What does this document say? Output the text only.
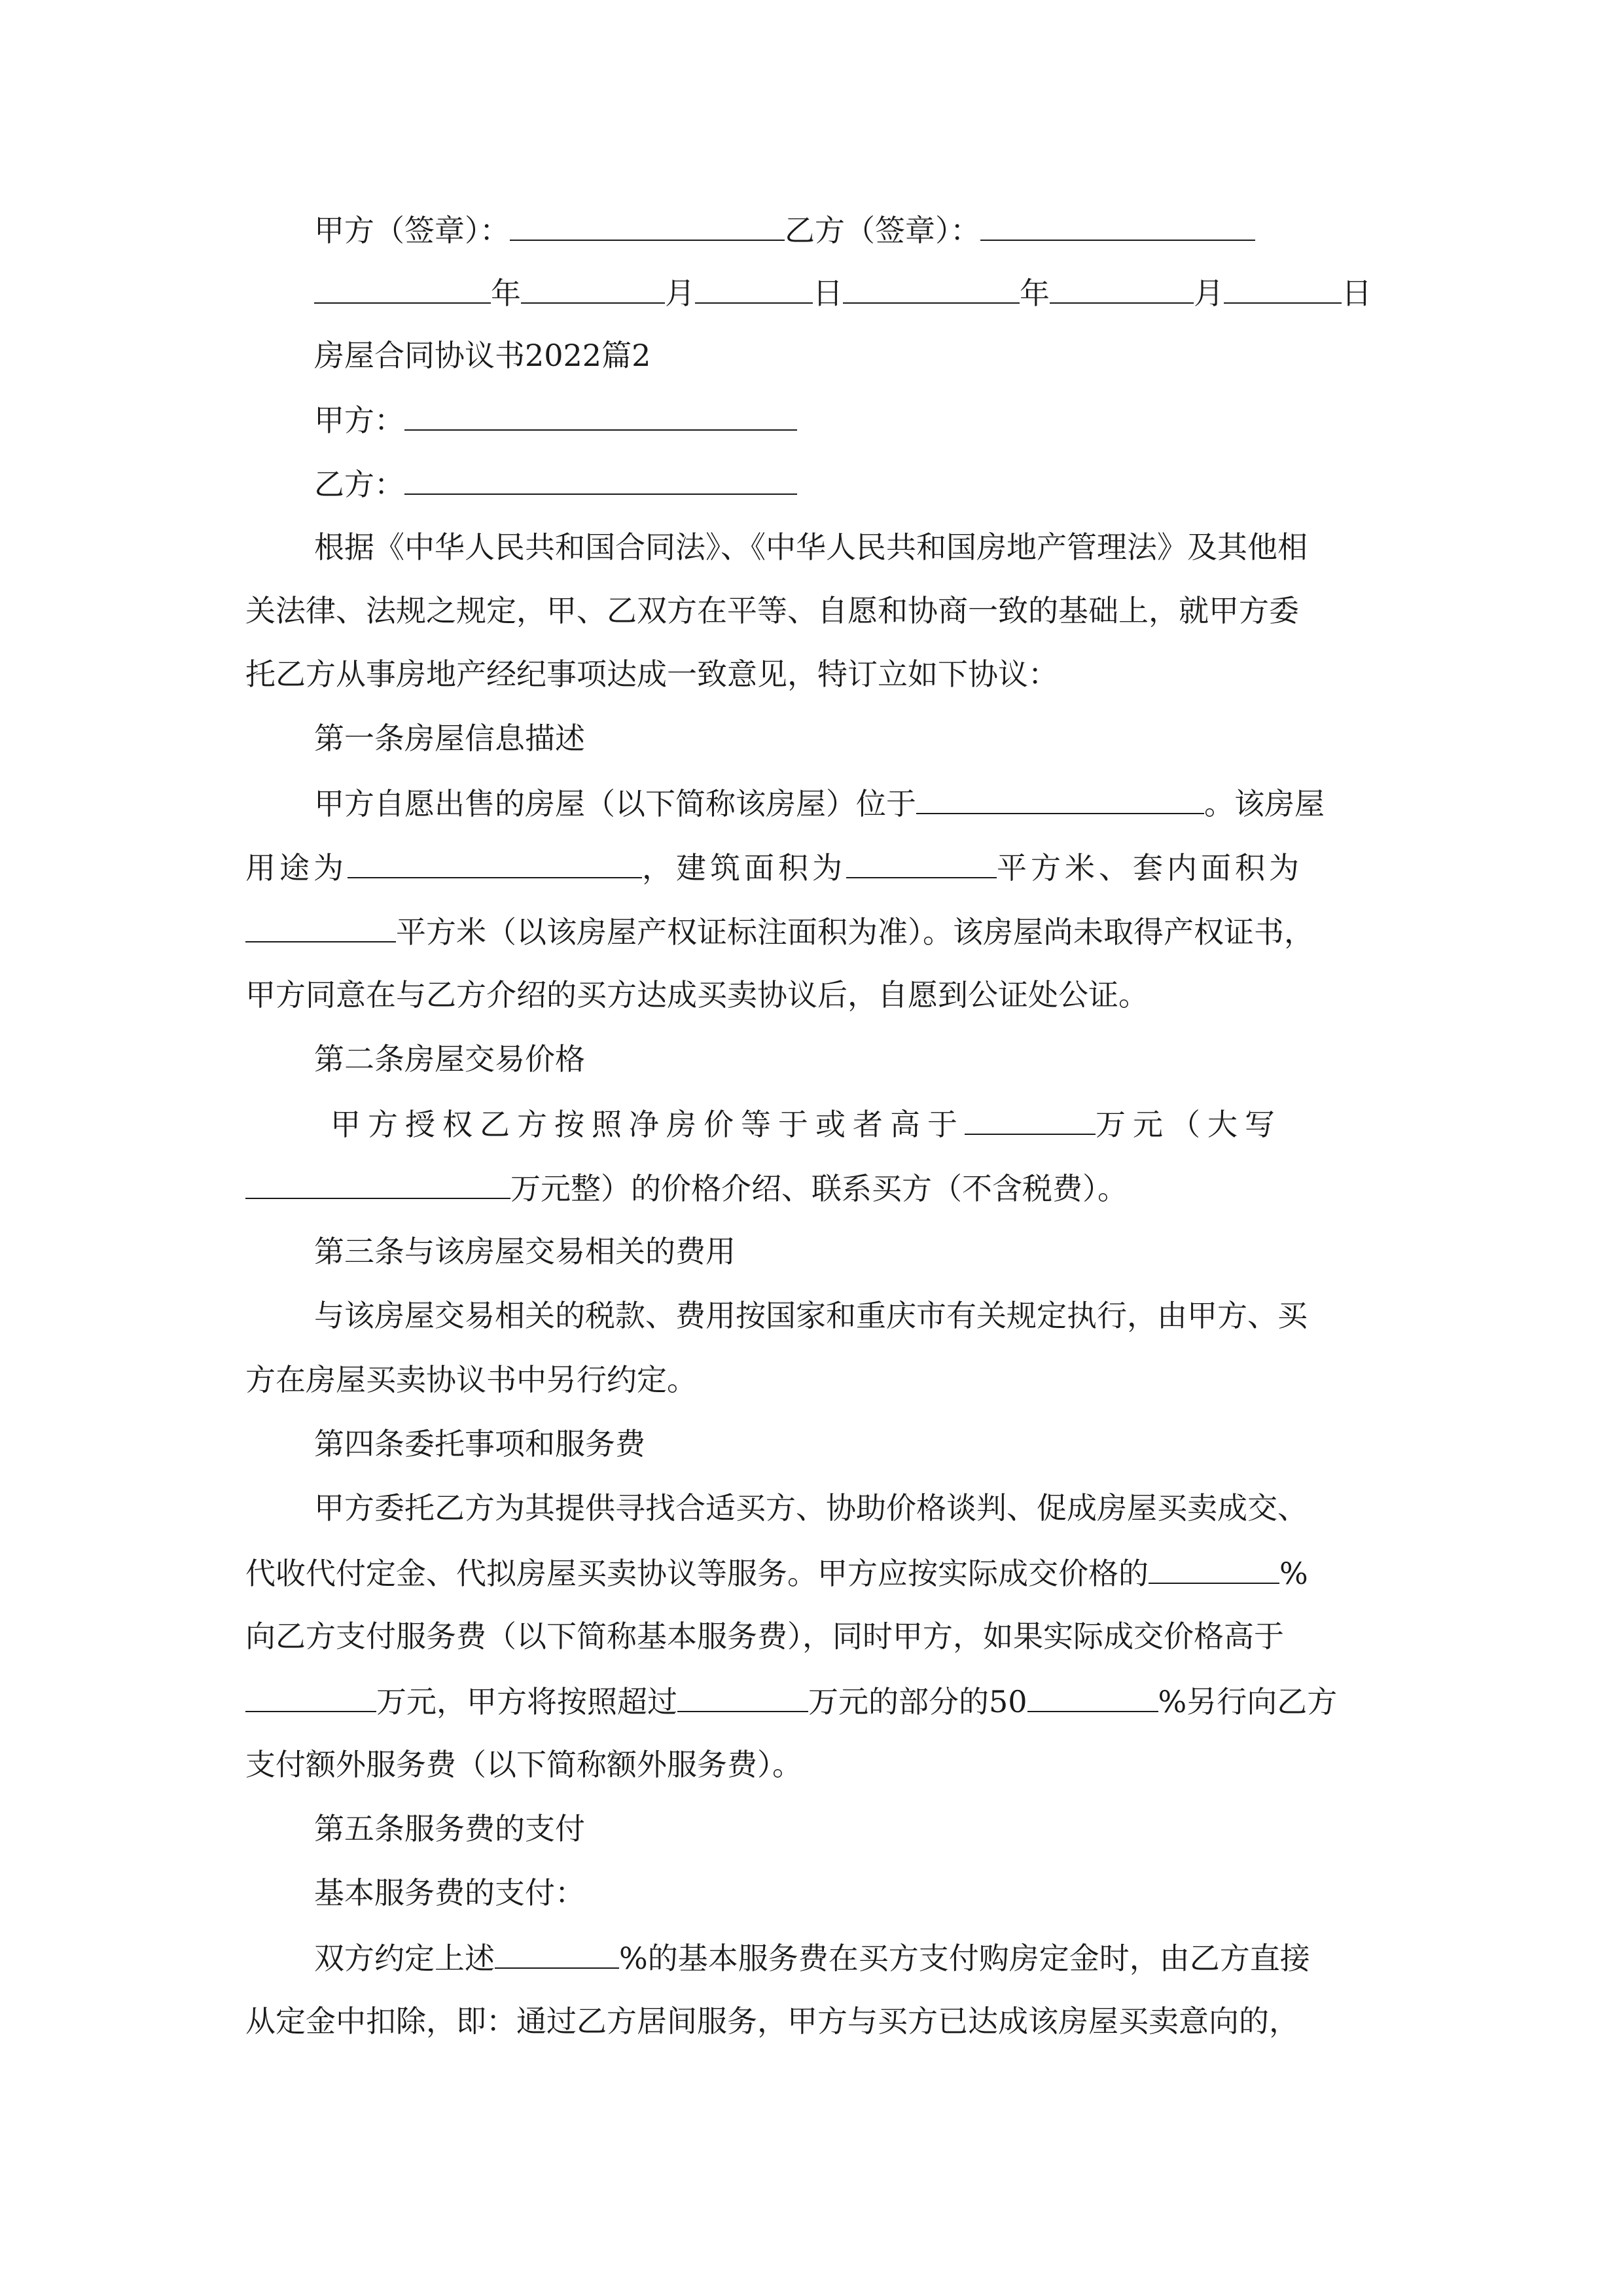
甲方（签章）：	乙方（签章）：
年	月	日	年	月	日
房屋合同协议书2022篇2
甲方：
乙方：
根据《中华人民共和国合同法》、《中华人民共和国房地产管理法》及其他相
关法律、法规之规定，甲、乙双方在平等、自愿和协商一致的基础上，就甲方委
托乙方从事房地产经纪事项达成一致意见，特订立如下协议：
第一条房屋信息描述
甲方自愿出售的房屋（以下简称该房屋）位于	。该房屋
用途为	，建筑面积为	平方米、套内面积为
平方米（以该房屋产权证标注面积为准）。该房屋尚未取得产权证书，
甲方同意在与乙方介绍的买方达成买卖协议后，自愿到公证处公证。
第二条房屋交易价格
甲方授权乙方按照净房价等于或者高于	万元（大写
万元整）的价格介绍、联系买方（不含税费）。
第三条与该房屋交易相关的费用
与该房屋交易相关的税款、费用按国家和重庆市有关规定执行，由甲方、买
方在房屋买卖协议书中另行约定。
第四条委托事项和服务费
甲方委托乙方为其提供寻找合适买方、协助价格谈判、促成房屋买卖成交、
代收代付定金、代拟房屋买卖协议等服务。甲方应按实际成交价格的	%
向乙方支付服务费（以下简称基本服务费），同时甲方，如果实际成交价格高于
万元，甲方将按照超过	万元的部分的50	%另行向乙方
支付额外服务费（以下简称额外服务费）。
第五条服务费的支付
基本服务费的支付：
双方约定上述	%的基本服务费在买方支付购房定金时，由乙方直接
从定金中扣除，即：通过乙方居间服务，甲方与买方已达成该房屋买卖意向的，
